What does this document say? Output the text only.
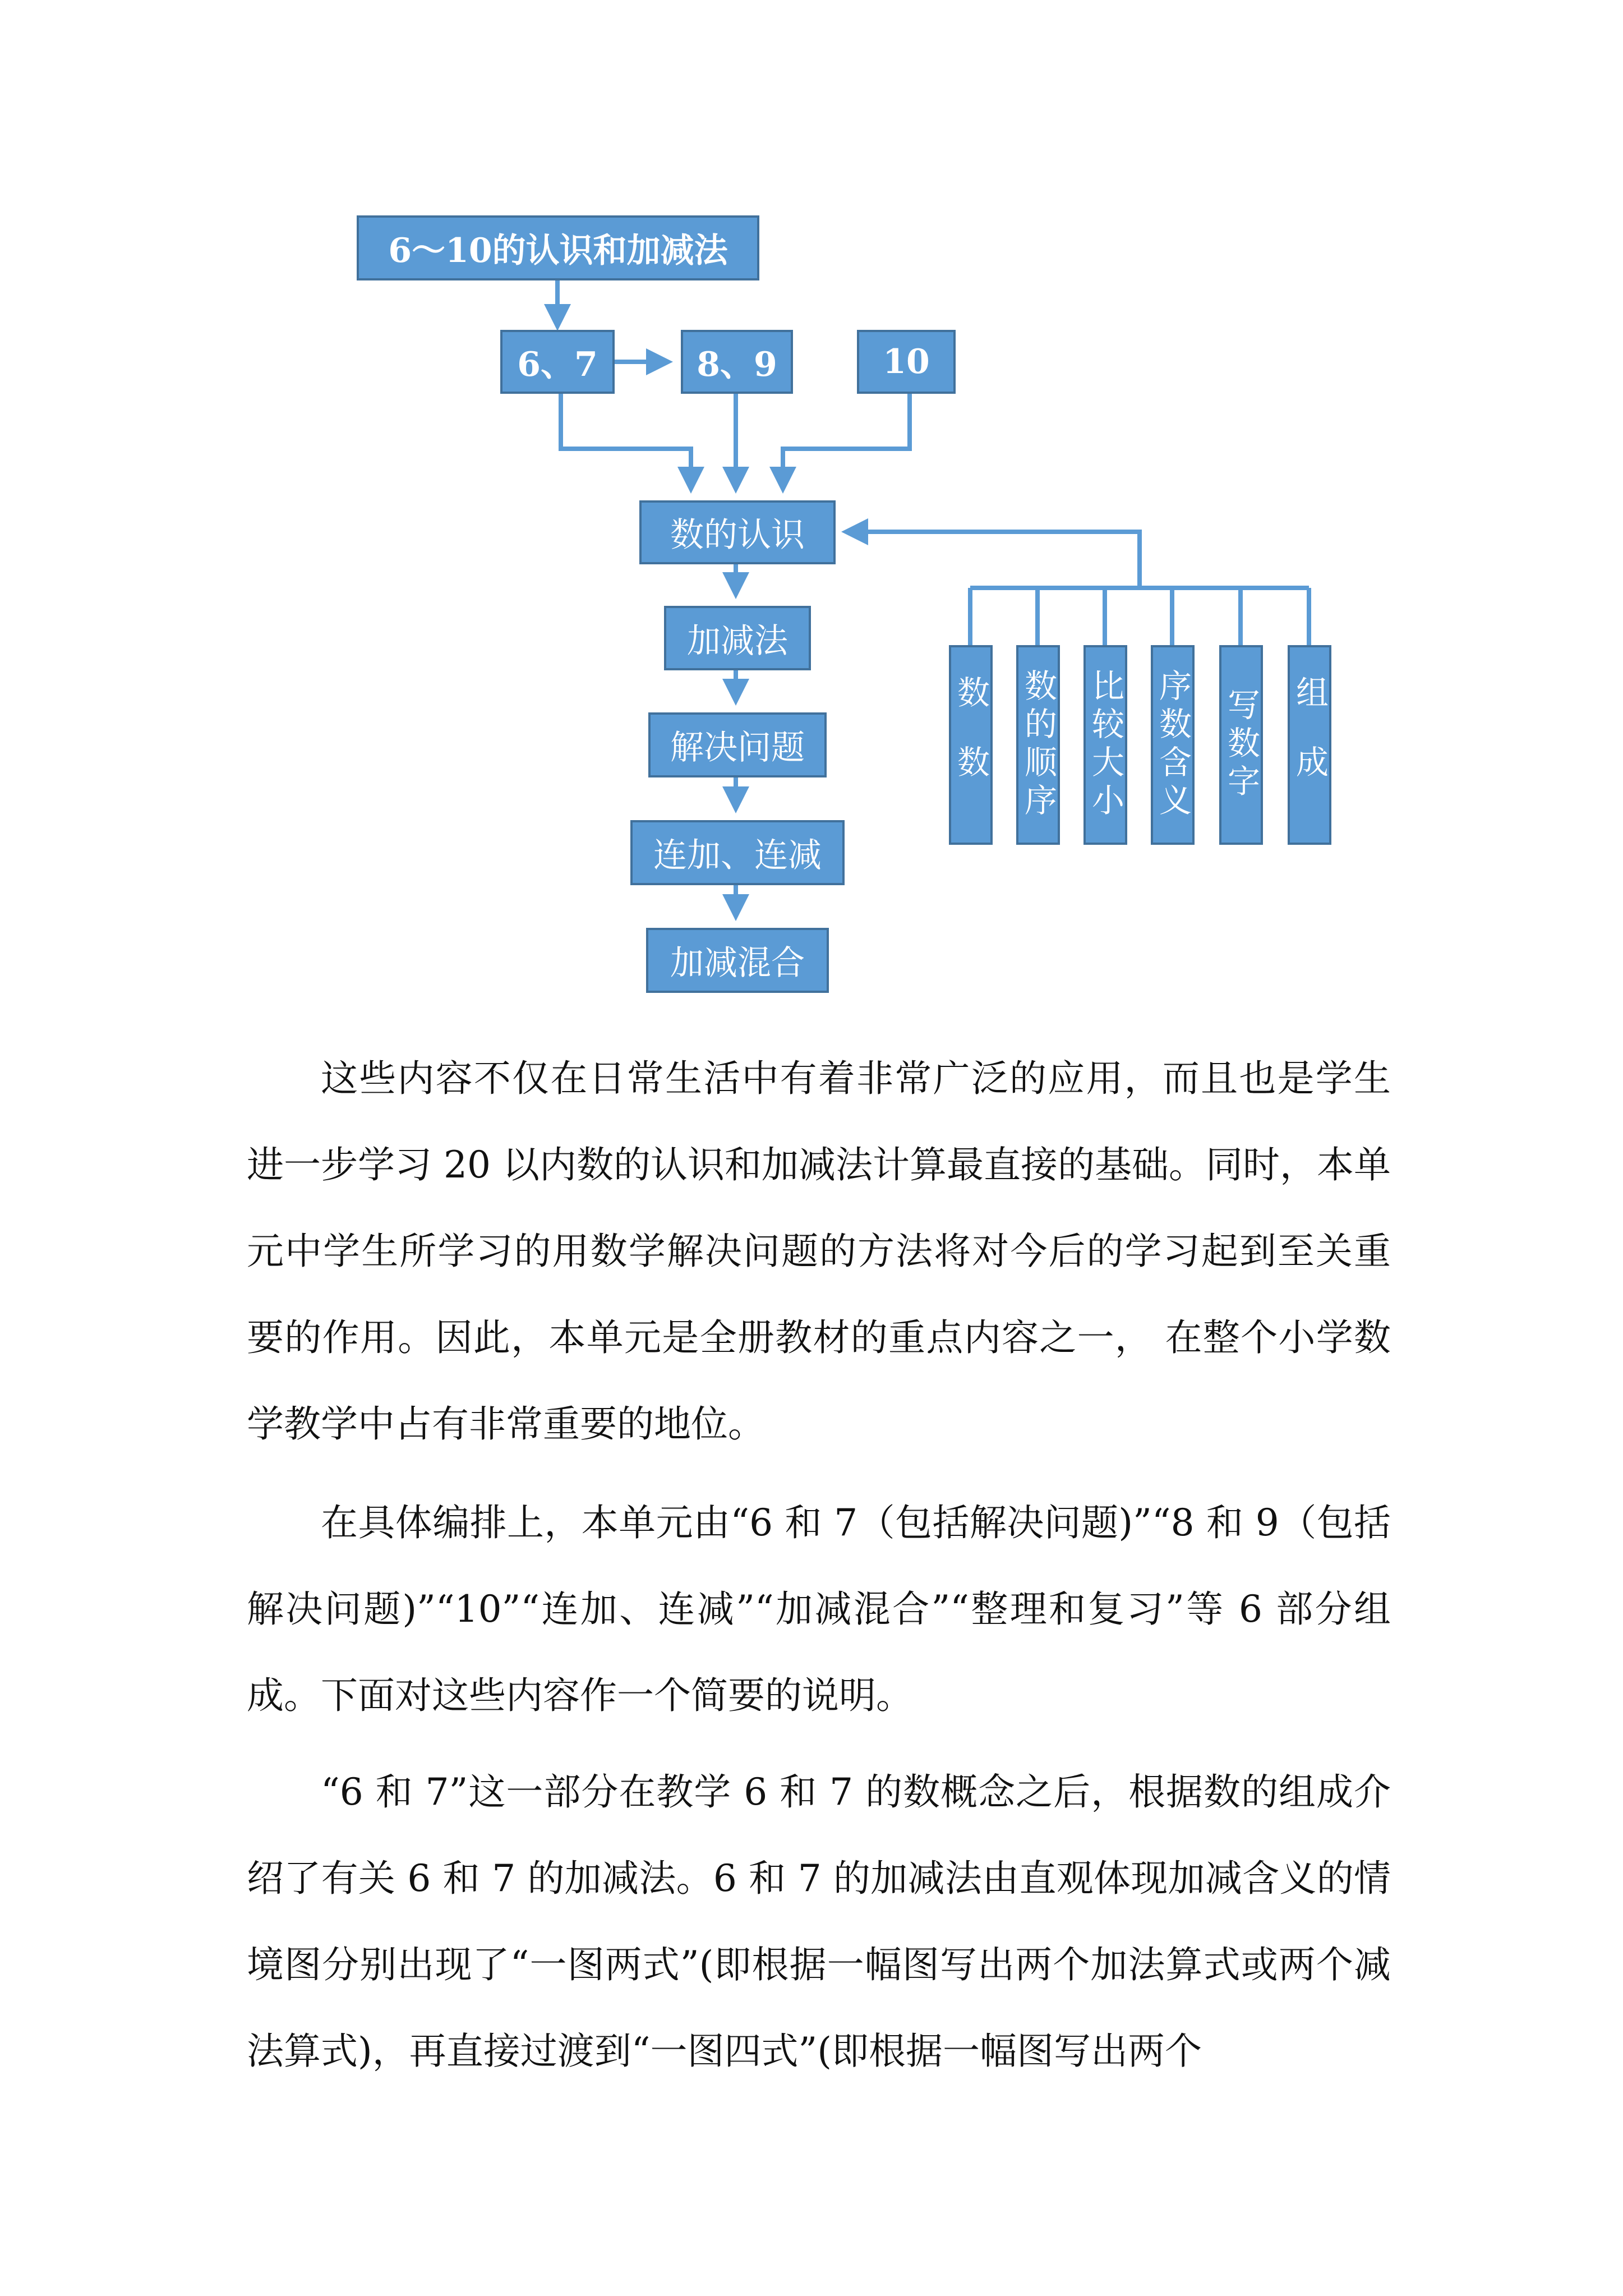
6～10的认识和加减法
6、7	8、9	10
数的认识
加减法
解决问题
连加、连减
加减混合
数数 数的顺序 比较大小 序数含义 写数字 组成

这些内容不仅在日常生活中有着非常广泛的应用，而且也是学生进一步学习 20 以内数的认识和加减法计算最直接的基础。同时，本单元中学生所学习的用数学解决问题的方法将对今后的学习起到至关重要的作用。因此，本单元是全册教材的重点内容之一， 在整个小学数学教学中占有非常重要的地位。

在具体编排上，本单元由“6 和 7（包括解决问题)”“8 和 9（包括解决问题)”“10”“连加、连减”“加减混合”“整理和复习”等 6 部分组成。下面对这些内容作一个简要的说明。

“6 和 7”这一部分在教学 6 和 7 的数概念之后，根据数的组成介绍了有关 6 和 7 的加减法。6 和 7 的加减法由直观体现加减含义的情境图分别出现了“一图两式”(即根据一幅图写出两个加法算式或两个减法算式)，再直接过渡到“一图四式”(即根据一幅图写出两个
